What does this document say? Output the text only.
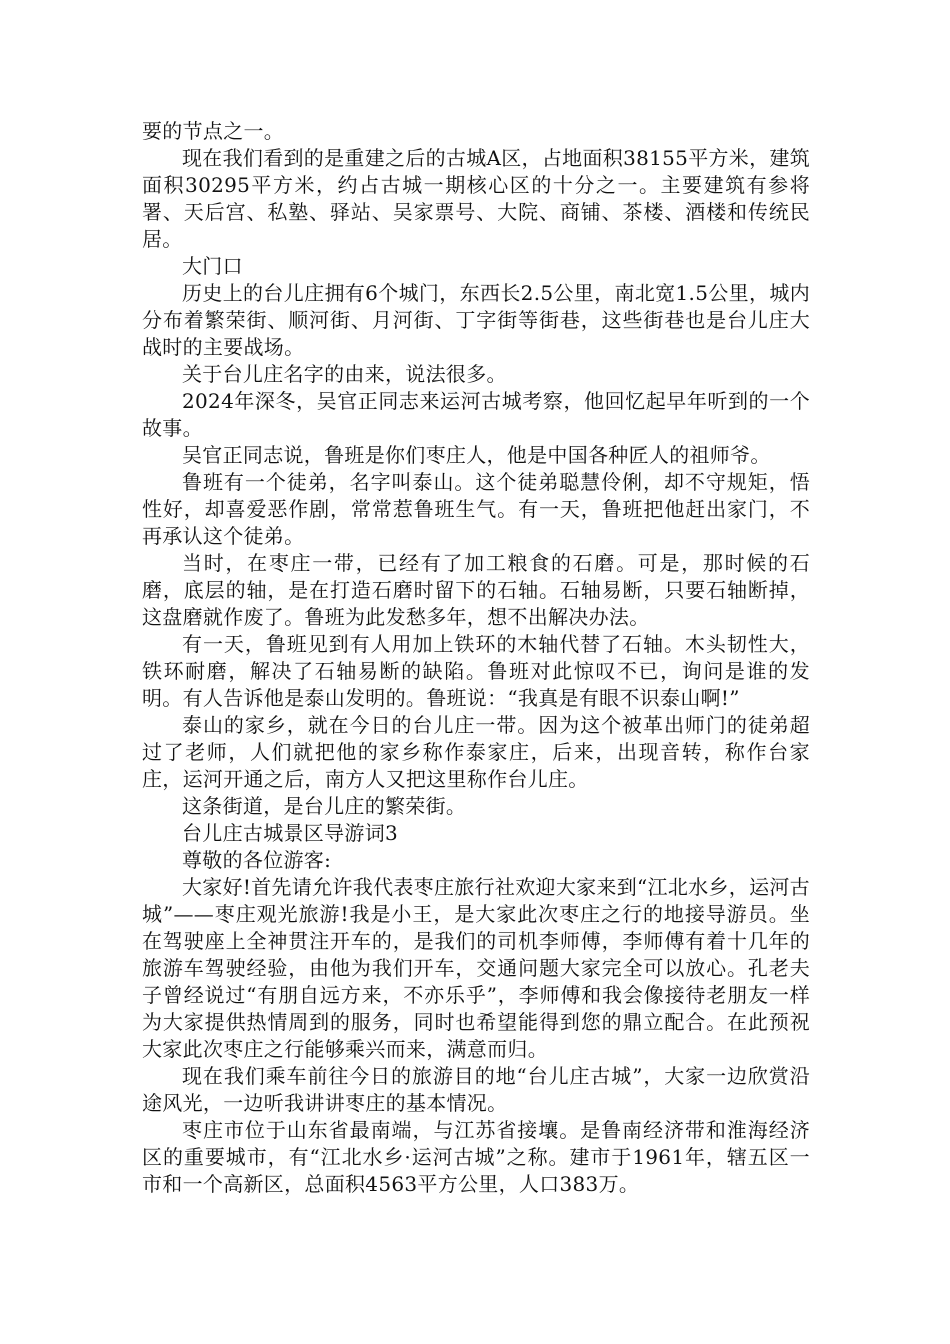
要的节点之一。

现在我们看到的是重建之后的古城A区，占地面积38155平方米，建筑面积30295平方米，约占古城一期核心区的十分之一。主要建筑有参将署、天后宫、私塾、驿站、吴家票号、大院、商铺、茶楼、酒楼和传统民居。

大门口

历史上的台儿庄拥有6个城门，东西长2.5公里，南北宽1.5公里，城内分布着繁荣街、顺河街、月河街、丁字街等街巷，这些街巷也是台儿庄大战时的主要战场。

关于台儿庄名字的由来，说法很多。

2024年深冬，吴官正同志来运河古城考察，他回忆起早年听到的一个故事。

吴官正同志说，鲁班是你们枣庄人，他是中国各种匠人的祖师爷。

鲁班有一个徒弟，名字叫泰山。这个徒弟聪慧伶俐，却不守规矩，悟性好，却喜爱恶作剧，常常惹鲁班生气。有一天，鲁班把他赶出家门，不再承认这个徒弟。

当时，在枣庄一带，已经有了加工粮食的石磨。可是，那时候的石磨，底层的轴，是在打造石磨时留下的石轴。石轴易断，只要石轴断掉，这盘磨就作废了。鲁班为此发愁多年，想不出解决办法。

有一天，鲁班见到有人用加上铁环的木轴代替了石轴。木头韧性大，铁环耐磨，解决了石轴易断的缺陷。鲁班对此惊叹不已，询问是谁的发明。有人告诉他是泰山发明的。鲁班说：“我真是有眼不识泰山啊!”

泰山的家乡，就在今日的台儿庄一带。因为这个被革出师门的徒弟超过了老师，人们就把他的家乡称作泰家庄，后来，出现音转，称作台家庄，运河开通之后，南方人又把这里称作台儿庄。

这条街道，是台儿庄的繁荣街。

台儿庄古城景区导游词3

尊敬的各位游客:

大家好!首先请允许我代表枣庄旅行社欢迎大家来到“江北水乡，运河古城”——枣庄观光旅游!我是小王，是大家此次枣庄之行的地接导游员。坐在驾驶座上全神贯注开车的，是我们的司机李师傅，李师傅有着十几年的旅游车驾驶经验，由他为我们开车，交通问题大家完全可以放心。孔老夫子曾经说过“有朋自远方来，不亦乐乎”，李师傅和我会像接待老朋友一样为大家提供热情周到的服务，同时也希望能得到您的鼎立配合。在此预祝大家此次枣庄之行能够乘兴而来，满意而归。

现在我们乘车前往今日的旅游目的地“台儿庄古城”，大家一边欣赏沿途风光，一边听我讲讲枣庄的基本情况。

枣庄市位于山东省最南端，与江苏省接壤。是鲁南经济带和淮海经济区的重要城市，有“江北水乡·运河古城”之称。建市于1961年，辖五区一市和一个高新区，总面积4563平方公里，人口383万。
